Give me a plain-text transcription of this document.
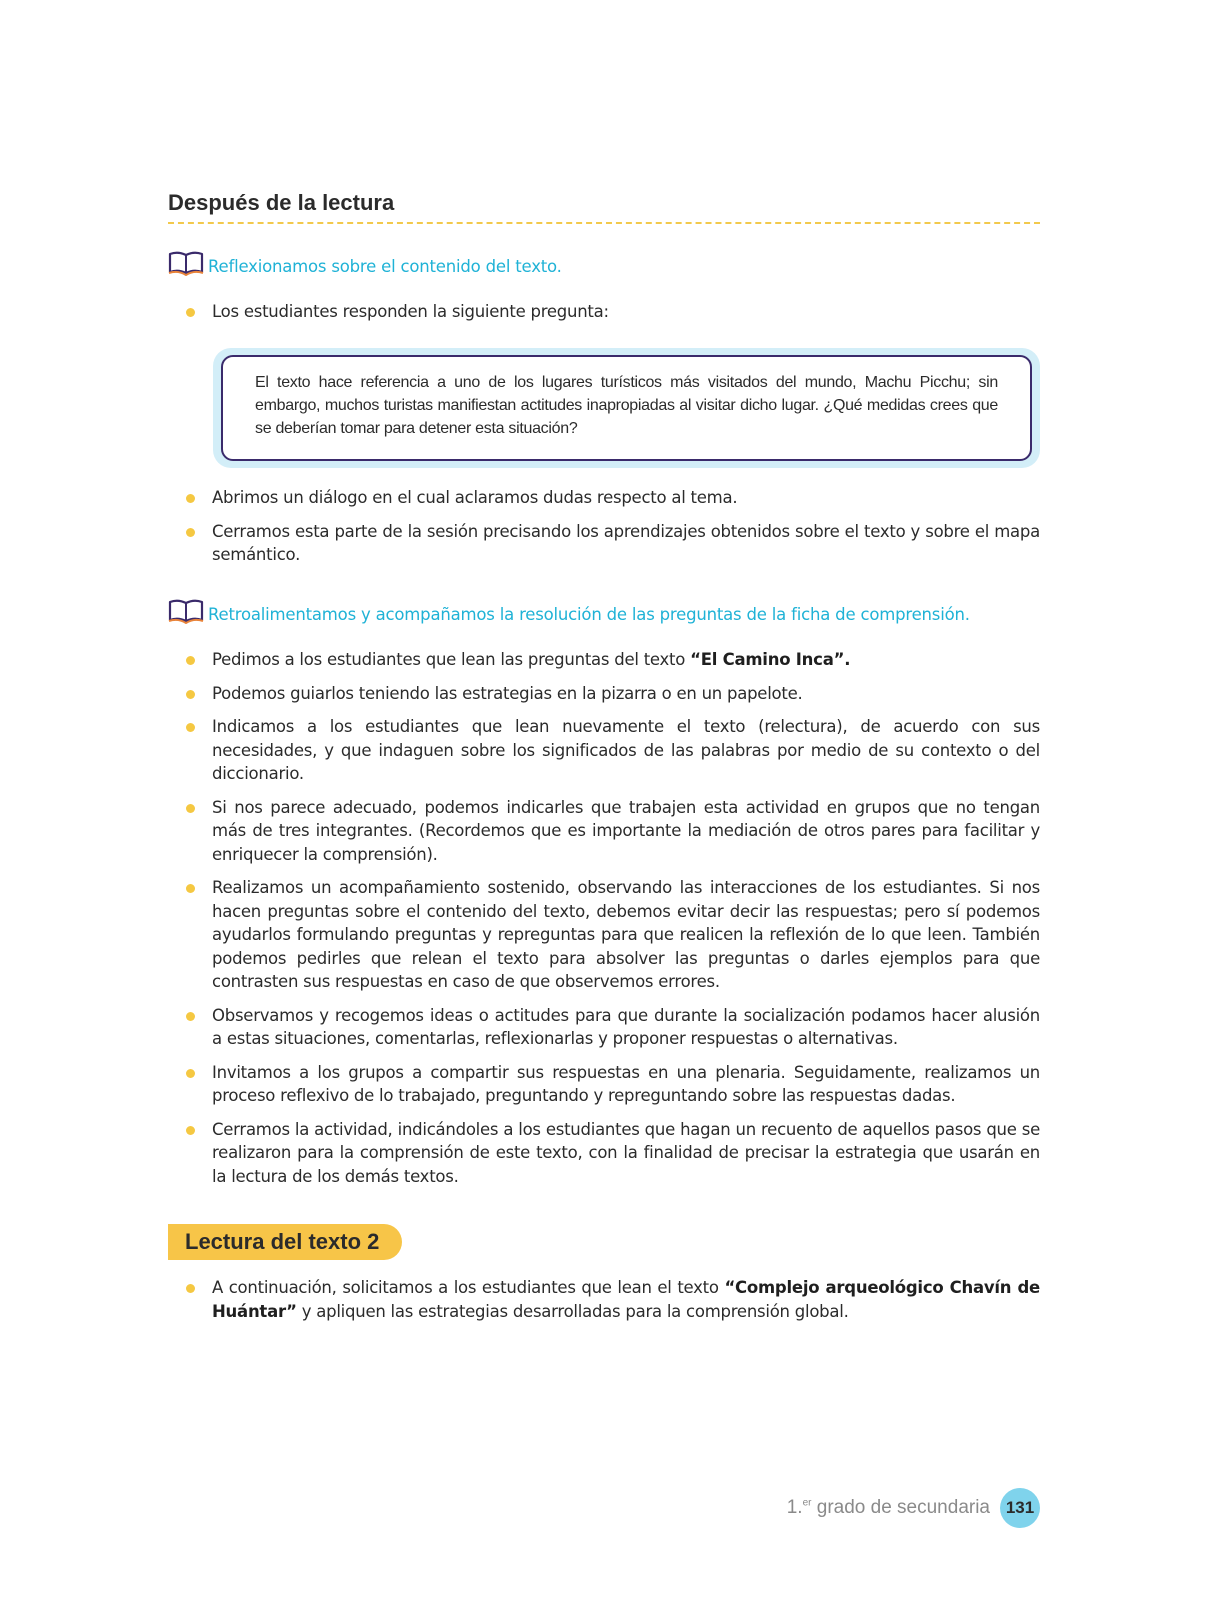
Después de la lectura
Reflexionamos sobre el contenido del texto.
Los estudiantes responden la siguiente pregunta:
El texto hace referencia a uno de los lugares turísticos más visitados del mundo, Machu Picchu; sin embargo, muchos turistas manifiestan actitudes inapropiadas al visitar dicho lugar. ¿Qué medidas crees que se deberían tomar para detener esta situación?
Abrimos un diálogo en el cual aclaramos dudas respecto al tema.
Cerramos esta parte de la sesión precisando los aprendizajes obtenidos sobre el texto y sobre el mapa semántico.
Retroalimentamos y acompañamos la resolución de las preguntas de la ficha de comprensión.
Pedimos a los estudiantes que lean las preguntas del texto “El Camino Inca”.
Podemos guiarlos teniendo las estrategias en la pizarra o en un papelote.
Indicamos a los estudiantes que lean nuevamente el texto (relectura), de acuerdo con sus necesidades, y que indaguen sobre los significados de las palabras por medio de su contexto o del diccionario.
Si nos parece adecuado, podemos indicarles que trabajen esta actividad en grupos que no tengan más de tres integrantes. (Recordemos que es importante la mediación de otros pares para facilitar y enriquecer la comprensión).
Realizamos un acompañamiento sostenido, observando las interacciones de los estudiantes. Si nos hacen preguntas sobre el contenido del texto, debemos evitar decir las respuestas; pero sí podemos ayudarlos formulando preguntas y repreguntas para que realicen la reflexión de lo que leen. También podemos pedirles que relean el texto para absolver las preguntas o darles ejemplos para que contrasten sus respuestas en caso de que observemos errores.
Observamos y recogemos ideas o actitudes para que durante la socialización podamos hacer alusión a estas situaciones, comentarlas, reflexionarlas y proponer respuestas o alternativas.
Invitamos a los grupos a compartir sus respuestas en una plenaria. Seguidamente, realizamos un proceso reflexivo de lo trabajado, preguntando y repreguntando sobre las respuestas dadas.
Cerramos la actividad, indicándoles a los estudiantes que hagan un recuento de aquellos pasos que se realizaron para la comprensión de este texto, con la finalidad de precisar la estrategia que usarán en la lectura de los demás textos.
Lectura del texto 2
A continuación, solicitamos a los estudiantes que lean el texto “Complejo arqueológico Chavín de Huántar” y apliquen las estrategias desarrolladas para la comprensión global.
1.$^{er}$ grado de secundaria 131
